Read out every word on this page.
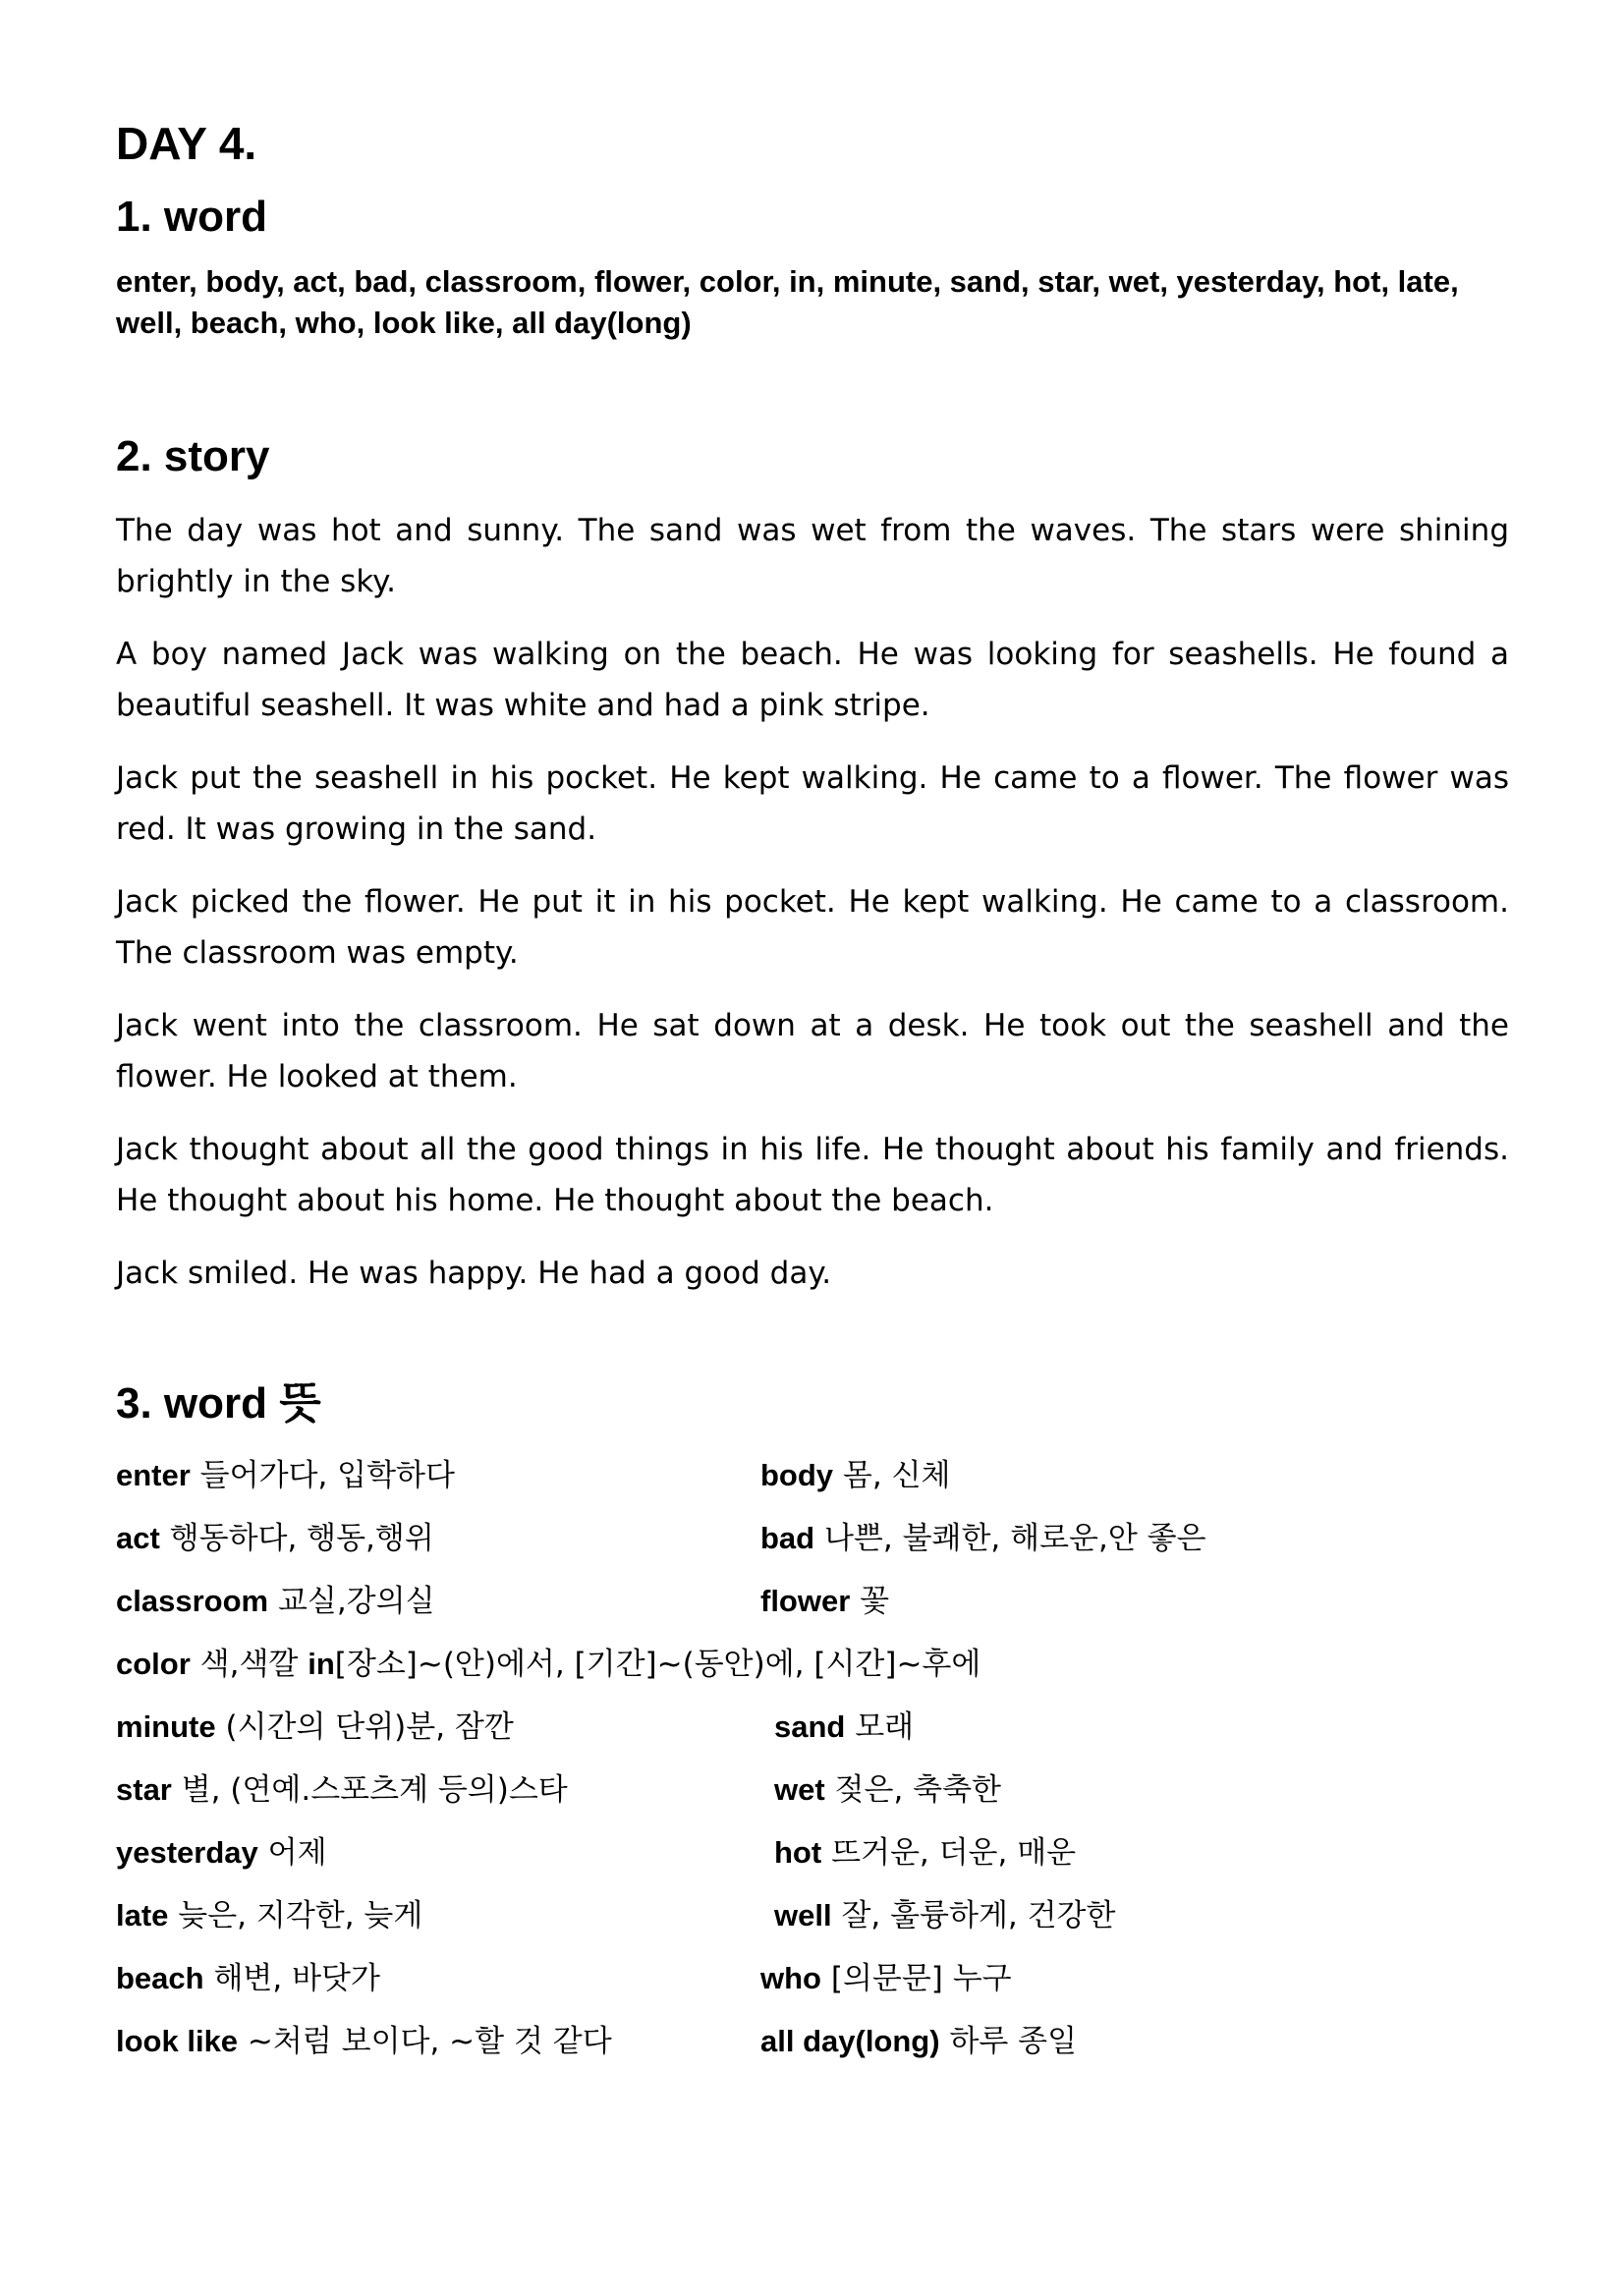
DAY 4.
1. word
enter, body, act, bad, classroom, flower, color, in, minute, sand, star, wet, yesterday, hot, late, well, beach, who, look like, all day(long)
2. story

The day was hot and sunny. The sand was wet from the waves. The stars were shining brightly in the sky.

A boy named Jack was walking on the beach. He was looking for seashells. He found a beautiful seashell. It was white and had a pink stripe.

Jack put the seashell in his pocket. He kept walking. He came to a flower. The flower was red. It was growing in the sand.

Jack picked the flower. He put it in his pocket. He kept walking. He came to a classroom. The classroom was empty.

Jack went into the classroom. He sat down at a desk. He took out the seashell and the flower. He looked at them.

Jack thought about all the good things in his life. He thought about his family and friends. He thought about his home. He thought about the beach.

Jack smiled. He was happy. He had a good day.

3. word 뜻
enter 들어가다, 입학하다	body 몸, 신체
act 행동하다, 행동,행위	bad 나쁜, 불쾌한, 해로운,안 좋은
classroom 교실,강의실	flower 꽃
color 색,색깔 in[장소]~(안)에서, [기간]~(동안)에, [시간]~후에
minute (시간의 단위)분, 잠깐	sand 모래
star 별, (연예.스포츠계 등의)스타	wet 젖은, 축축한
yesterday 어제	hot 뜨거운, 더운, 매운
late 늦은, 지각한, 늦게	well 잘, 훌륭하게, 건강한
beach 해변, 바닷가	who [의문문] 누구
look like ~처럼 보이다, ~할 것 같다	all day(long) 하루 종일
